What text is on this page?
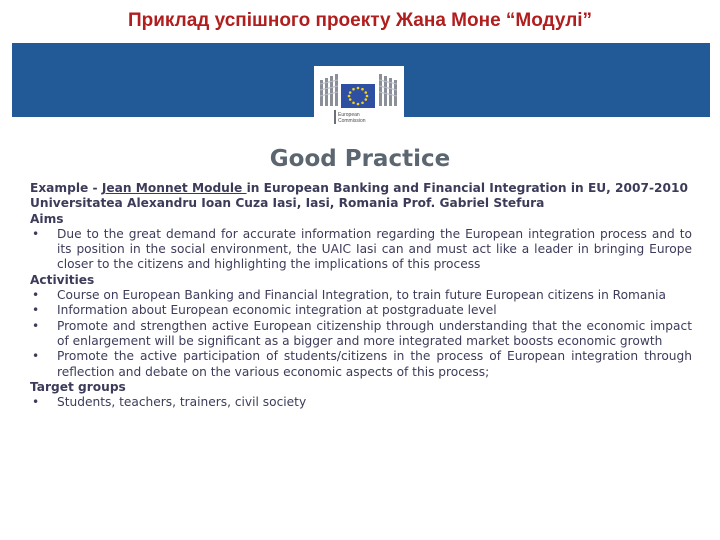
Приклад успішного проекту Жана Моне “Модулі”

European
Commission

Good Practice

Example - Jean Monnet Module in European Banking and Financial Integration in EU, 2007-2010

Universitatea Alexandru Ioan Cuza Iasi, Iasi, Romania Prof. Gabriel Stefura

Aims

• Due to the great demand for accurate information regarding the European integration process and to its position in the social environment, the UAIC Iasi can and must act like a leader in bringing Europe closer to the citizens and highlighting the implications of this process

Activities

• Course on European Banking and Financial Integration, to train future European citizens in Romania
• Information about European economic integration at postgraduate level
• Promote and strengthen active European citizenship through understanding that the economic impact of enlargement will be significant as a bigger and more integrated market boosts economic growth
• Promote the active participation of students/citizens in the process of European integration through reflection and debate on the various economic aspects of this process;

Target groups

• Students, teachers, trainers, civil society
